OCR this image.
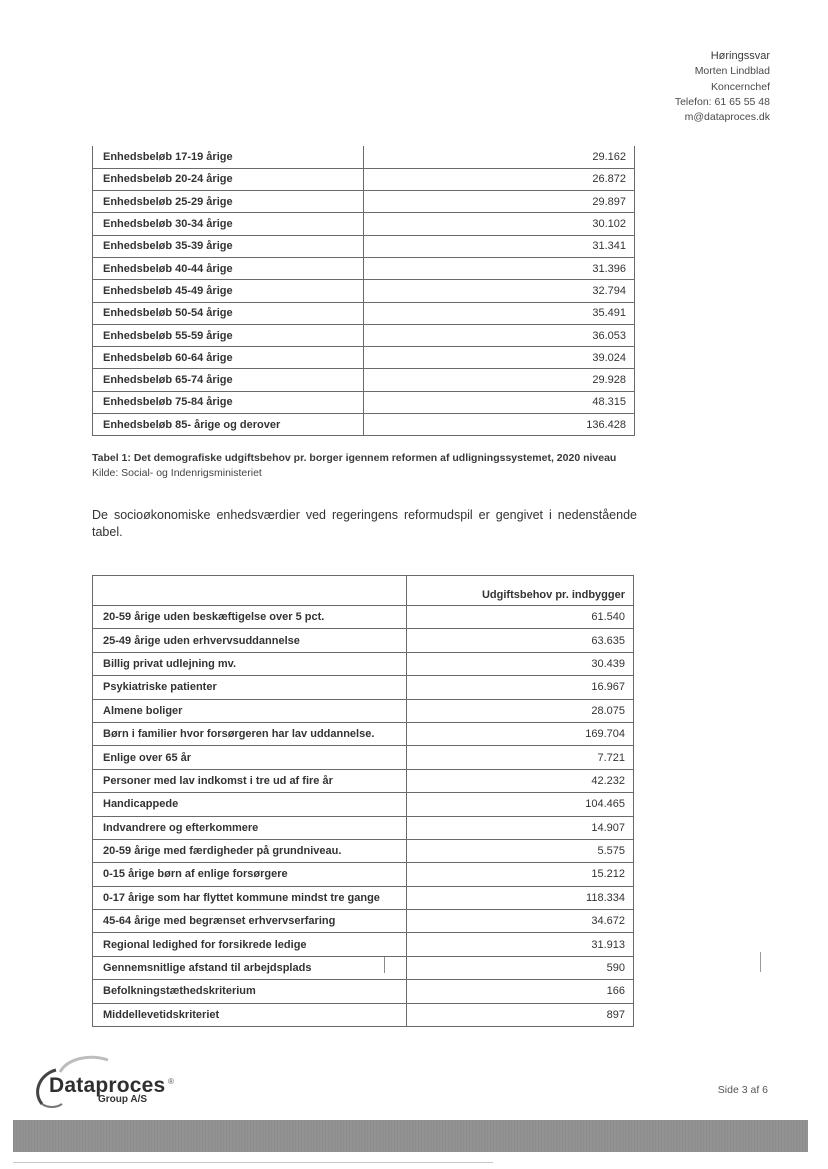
Høringssvar
Morten Lindblad
Koncernchef
Telefon: 61 65 55 48
m@dataproces.dk
Enhedsbeløb 17-19 årige	29.162
Enhedsbeløb 20-24 årige	26.872
Enhedsbeløb 25-29 årige	29.897
Enhedsbeløb 30-34 årige	30.102
Enhedsbeløb 35-39 årige	31.341
Enhedsbeløb 40-44 årige	31.396
Enhedsbeløb 45-49 årige	32.794
Enhedsbeløb 50-54 årige	35.491
Enhedsbeløb 55-59 årige	36.053
Enhedsbeløb 60-64 årige	39.024
Enhedsbeløb 65-74 årige	29.928
Enhedsbeløb 75-84 årige	48.315
Enhedsbeløb 85- årige og derover	136.428
Tabel 1: Det demografiske udgiftsbehov pr. borger igennem reformen af udligningssystemet, 2020 niveau
Kilde: Social- og Indenrigsministeriet
De socioøkonomiske enhedsværdier ved regeringens reformudspil er gengivet i nedenstående tabel.
	Udgiftsbehov pr. indbygger
20-59 årige uden beskæftigelse over 5 pct.	61.540
25-49 årige uden erhvervsuddannelse	63.635
Billig privat udlejning mv.	30.439
Psykiatriske patienter	16.967
Almene boliger	28.075
Børn i familier hvor forsørgeren har lav uddannelse.	169.704
Enlige over 65 år	7.721
Personer med lav indkomst i tre ud af fire år	42.232
Handicappede	104.465
Indvandrere og efterkommere	14.907
20-59 årige med færdigheder på grundniveau.	5.575
0-15 årige børn af enlige forsørgere	15.212
0-17 årige som har flyttet kommune mindst tre gange	118.334
45-64 årige med begrænset erhvervserfaring	34.672
Regional ledighed for forsikrede ledige	31.913
Gennemsnitlige afstand til arbejdsplads	590
Befolkningstæthedskriterium	166
Middellevetidskriteriet	897
Dataproces ®
Group A/S
Side 3 af 6
